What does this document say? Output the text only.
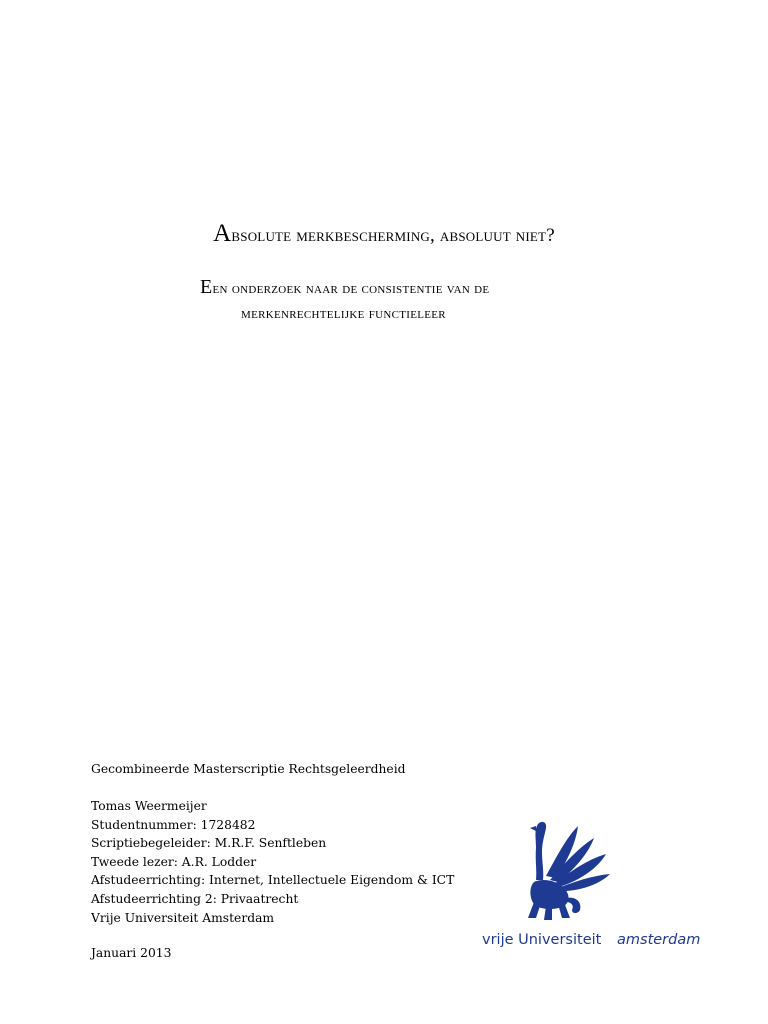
Absolute merkbescherming, absoluut niet?

Een onderzoek naar de consistentie van de

merkenrechtelijke functieleer

Gecombineerde Masterscriptie Rechtsgeleerdheid

Tomas Weermeijer
Studentnummer: 1728482
Scriptiebegeleider: M.R.F. Senftleben
Tweede lezer: A.R. Lodder
Afstudeerrichting: Internet, Intellectuele Eigendom & ICT
Afstudeerrichting 2: Privaatrecht
Vrije Universiteit Amsterdam

Januari 2013

vrije Universiteit amsterdam
